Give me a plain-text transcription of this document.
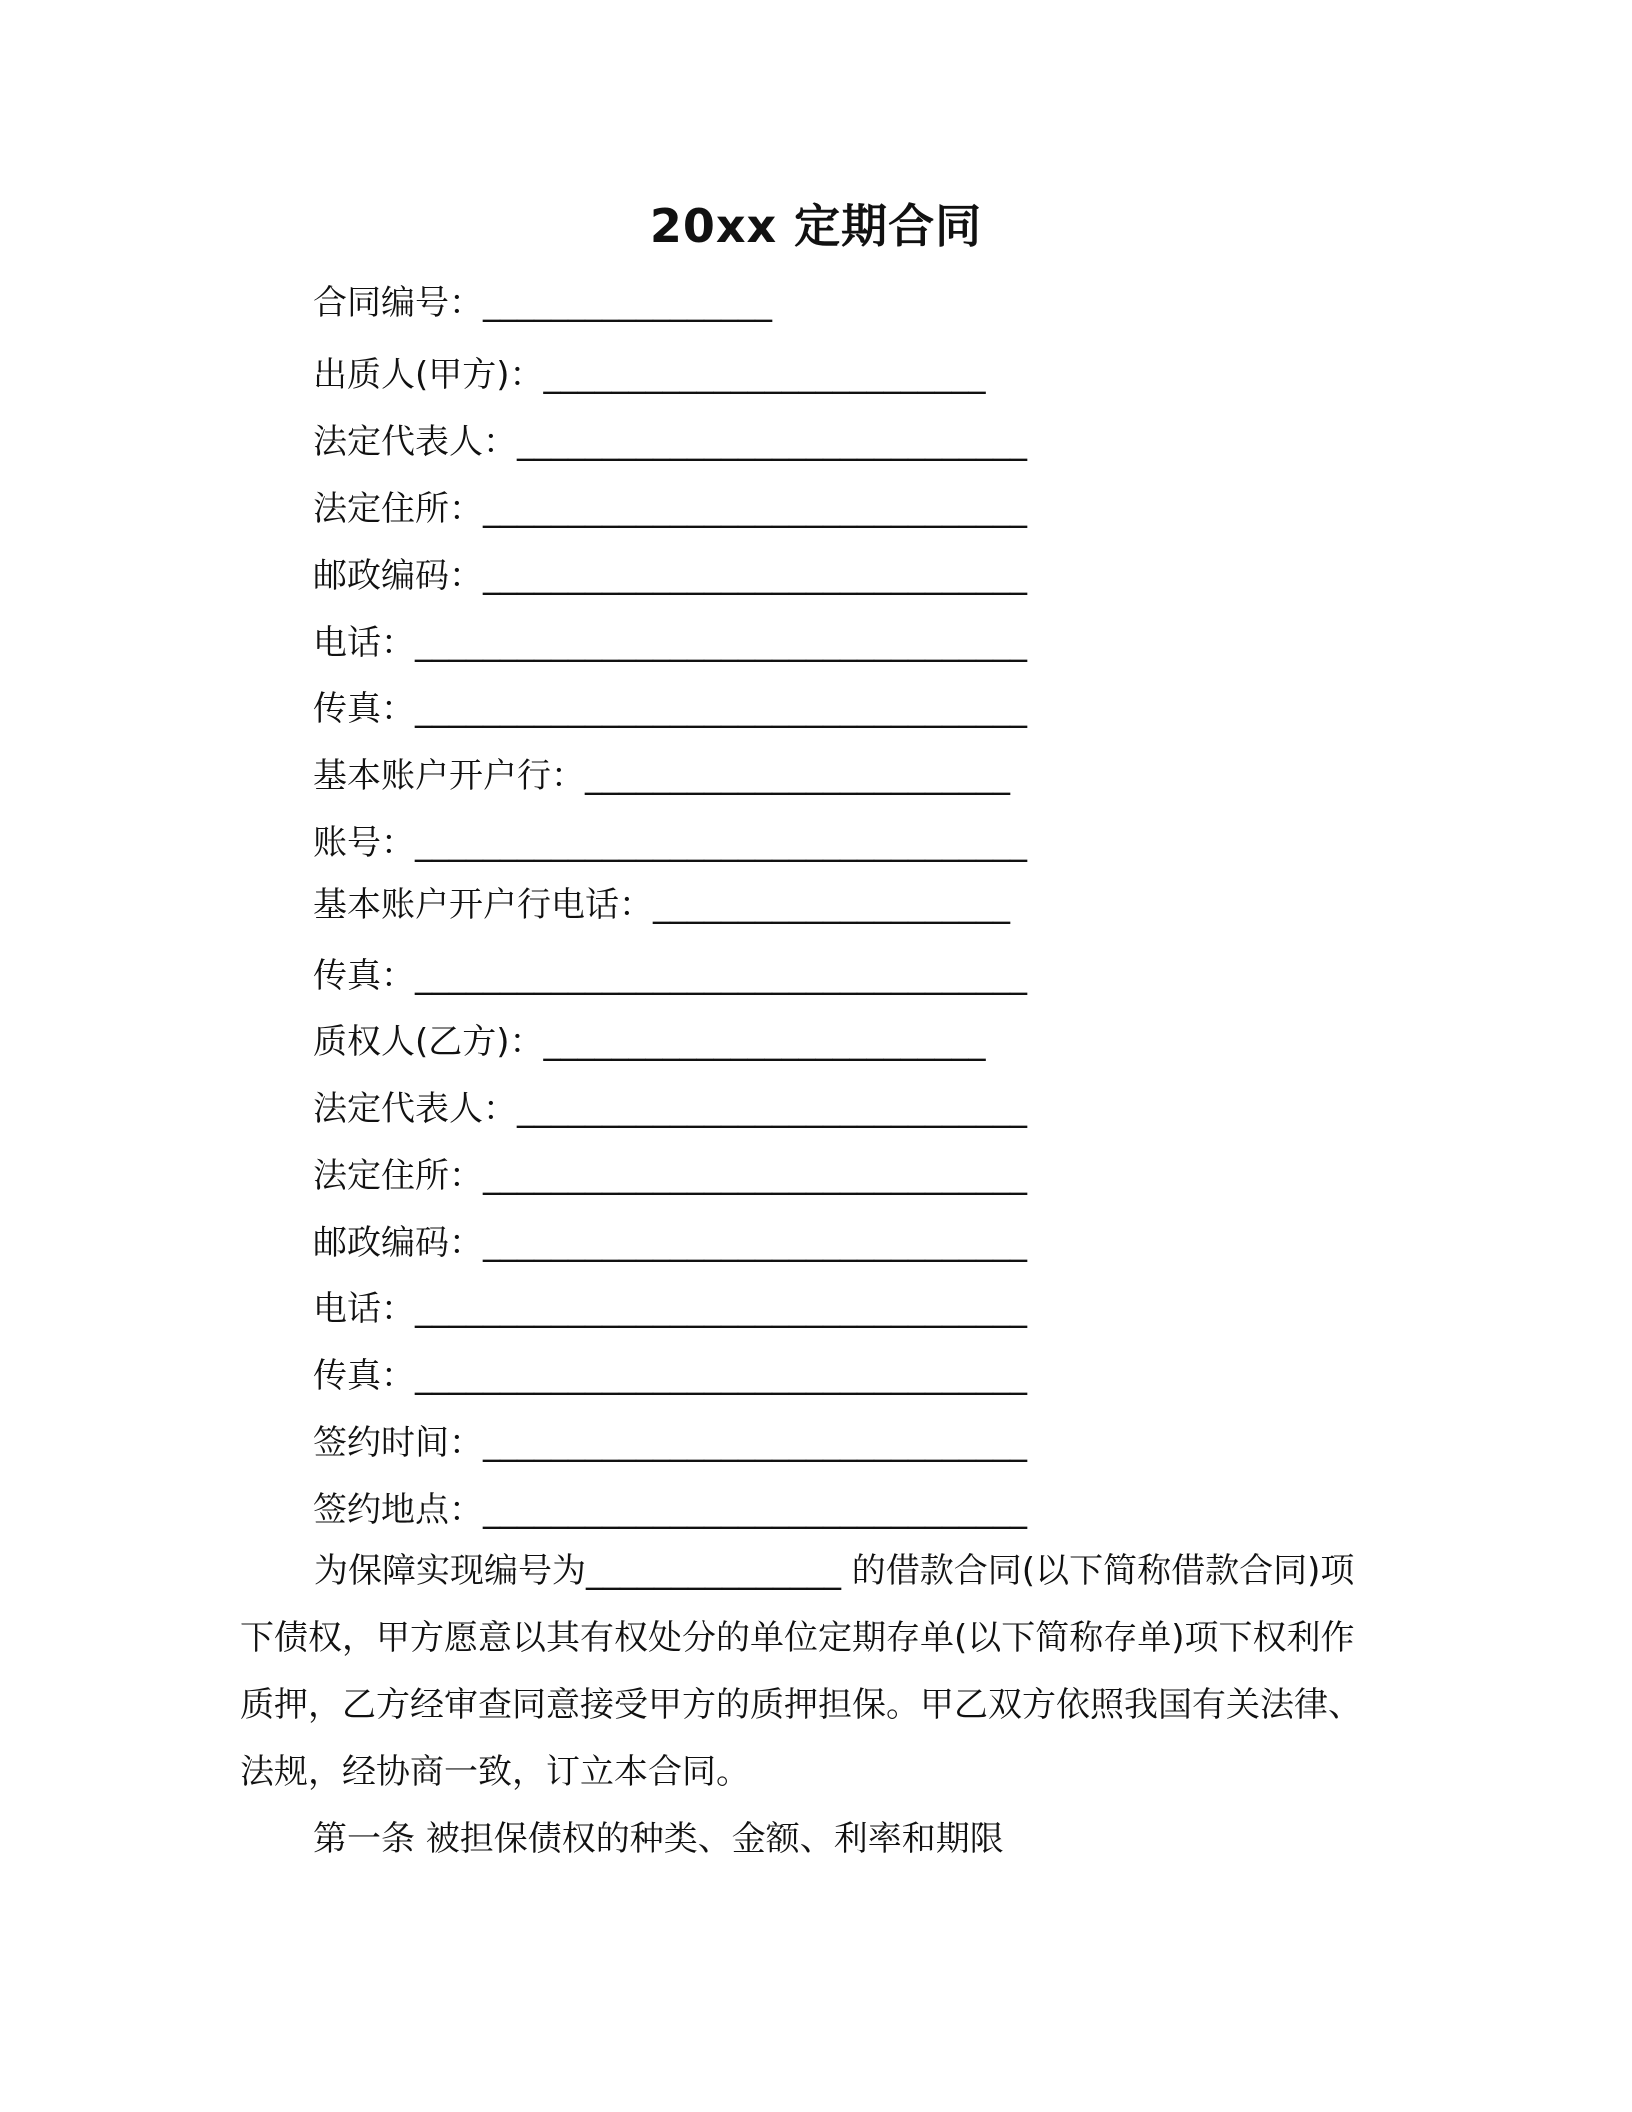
20xx 定期合同
合同编号：_________________
出质人(甲方)：__________________________
法定代表人：______________________________
法定住所：________________________________
邮政编码：________________________________
电话：____________________________________
传真：____________________________________
基本账户开户行：_________________________
账号：____________________________________
基本账户开户行电话：_____________________
传真：____________________________________
质权人(乙方)：__________________________
法定代表人：______________________________
法定住所：________________________________
邮政编码：________________________________
电话：____________________________________
传真：____________________________________
签约时间：________________________________
签约地点：________________________________
为保障实现编号为_______________ 的借款合同(以下简称借款合同)项下债权，甲方愿意以其有权处分的单位定期存单(以下简称存单)项下权利作质押，乙方经审查同意接受甲方的质押担保。甲乙双方依照我国有关法律、法规，经协商一致，订立本合同。
第一条 被担保债权的种类、金额、利率和期限
